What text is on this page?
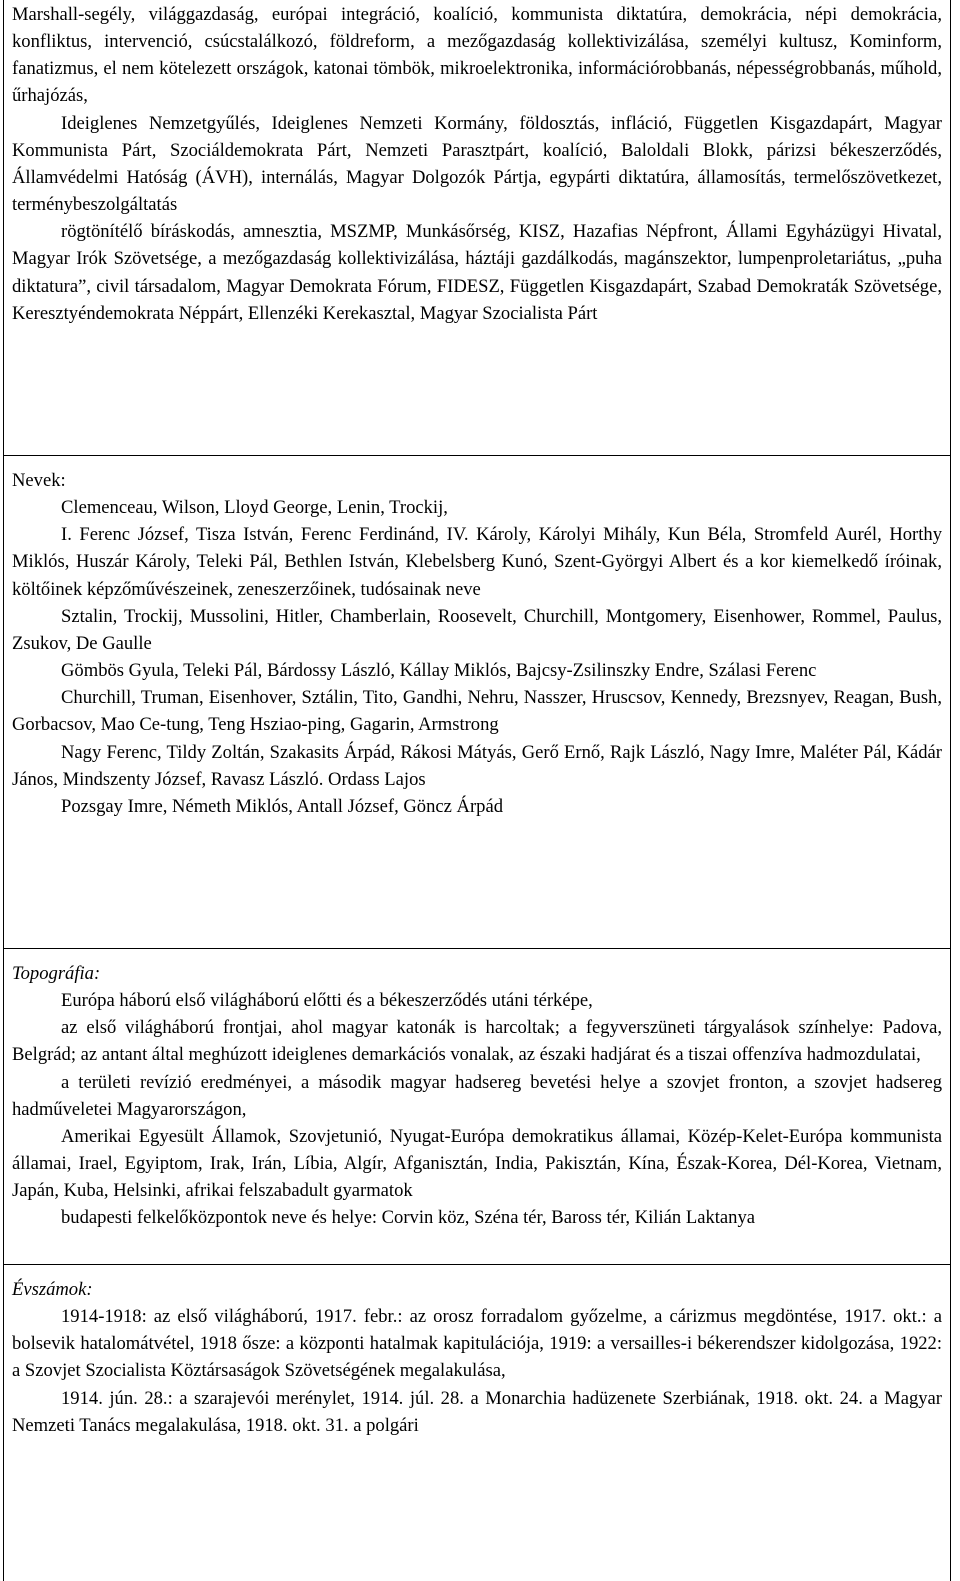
Marshall-segély, világgazdaság, európai integráció, koalíció, kommunista diktatúra, demokrácia, népi demokrácia, konfliktus, intervenció, csúcstalálkozó, földreform, a mezőgazdaság kollektivizálása, személyi kultusz, Kominform, fanatizmus, el nem kötelezett országok, katonai tömbök, mikroelektronika, információrobbanás, népességrobbanás, műhold, űrhajózás,

Ideiglenes Nemzetgyűlés, Ideiglenes Nemzeti Kormány, földosztás, infláció, Független Kisgazdapárt, Magyar Kommunista Párt, Szociáldemokrata Párt, Nemzeti Parasztpárt, koalíció, Baloldali Blokk, párizsi békeszerződés, Államvédelmi Hatóság (ÁVH), internálás, Magyar Dolgozók Pártja, egypárti diktatúra, államosítás, termelőszövetkezet, terménybeszolgáltatás

rögtönítélő bíráskodás, amnesztia, MSZMP, Munkásőrség, KISZ, Hazafias Népfront, Állami Egyházügyi Hivatal, Magyar Irók Szövetsége, a mezőgazdaság kollektivizálása, háztáji gazdálkodás, magánszektor, lumpenproletariátus, „puha diktatura”, civil társadalom, Magyar Demokrata Fórum, FIDESZ, Független Kisgazdapárt, Szabad Demokraták Szövetsége, Keresztyéndemokrata Néppárt, Ellenzéki Kerekasztal, Magyar Szocialista Párt

Nevek:

Clemenceau, Wilson, Lloyd George, Lenin, Trockij,

I. Ferenc József, Tisza István, Ferenc Ferdinánd, IV. Károly, Károlyi Mihály, Kun Béla, Stromfeld Aurél, Horthy Miklós, Huszár Károly, Teleki Pál, Bethlen István, Klebelsberg Kunó, Szent-Györgyi Albert és a kor kiemelkedő íróinak, költőinek képzőművészeinek, zeneszerzőinek, tudósainak neve

Sztalin, Trockij, Mussolini, Hitler, Chamberlain, Roosevelt, Churchill, Montgomery, Eisenhower, Rommel, Paulus, Zsukov, De Gaulle

Gömbös Gyula, Teleki Pál, Bárdossy László, Kállay Miklós, Bajcsy-Zsilinszky Endre, Szálasi Ferenc

Churchill, Truman, Eisenhover, Sztálin, Tito, Gandhi, Nehru, Nasszer, Hruscsov, Kennedy, Brezsnyev, Reagan, Bush, Gorbacsov, Mao Ce-tung, Teng Hsziao-ping, Gagarin, Armstrong

Nagy Ferenc, Tildy Zoltán, Szakasits Árpád, Rákosi Mátyás, Gerő Ernő, Rajk László, Nagy Imre, Maléter Pál, Kádár János, Mindszenty József, Ravasz László. Ordass Lajos

Pozsgay Imre, Németh Miklós, Antall József, Göncz Árpád

Topográfia:

Európa háború első világháború előtti és a békeszerződés utáni térképe,

az első világháború frontjai, ahol magyar katonák is harcoltak; a fegyverszüneti tárgyalások színhelye: Padova, Belgrád; az antant által meghúzott ideiglenes demarkációs vonalak, az északi hadjárat és a tiszai offenzíva hadmozdulatai,

a területi revízió eredményei, a második magyar hadsereg bevetési helye a szovjet fronton, a szovjet hadsereg hadműveletei Magyarországon,

Amerikai Egyesült Államok, Szovjetunió, Nyugat-Európa demokratikus államai, Közép-Kelet-Európa kommunista államai, Irael, Egyiptom, Irak, Irán, Líbia, Algír, Afganisztán, India, Pakisztán, Kína, Észak-Korea, Dél-Korea, Vietnam, Japán, Kuba, Helsinki, afrikai felszabadult gyarmatok

budapesti felkelőközpontok neve és helye: Corvin köz, Széna tér, Baross tér, Kilián Laktanya

Évszámok:

1914-1918: az első világháború, 1917. febr.: az orosz forradalom győzelme, a cárizmus megdöntése, 1917. okt.: a bolsevik hatalomátvétel, 1918 ősze: a központi hatalmak kapitulációja, 1919: a versailles-i békerendszer kidolgozása, 1922: a Szovjet Szocialista Köztársaságok Szövetségének megalakulása,

1914. jún. 28.: a szarajevói merénylet, 1914. júl. 28. a Monarchia hadüzenete Szerbiának, 1918. okt. 24. a Magyar Nemzeti Tanács megalakulása, 1918. okt. 31. a polgári
